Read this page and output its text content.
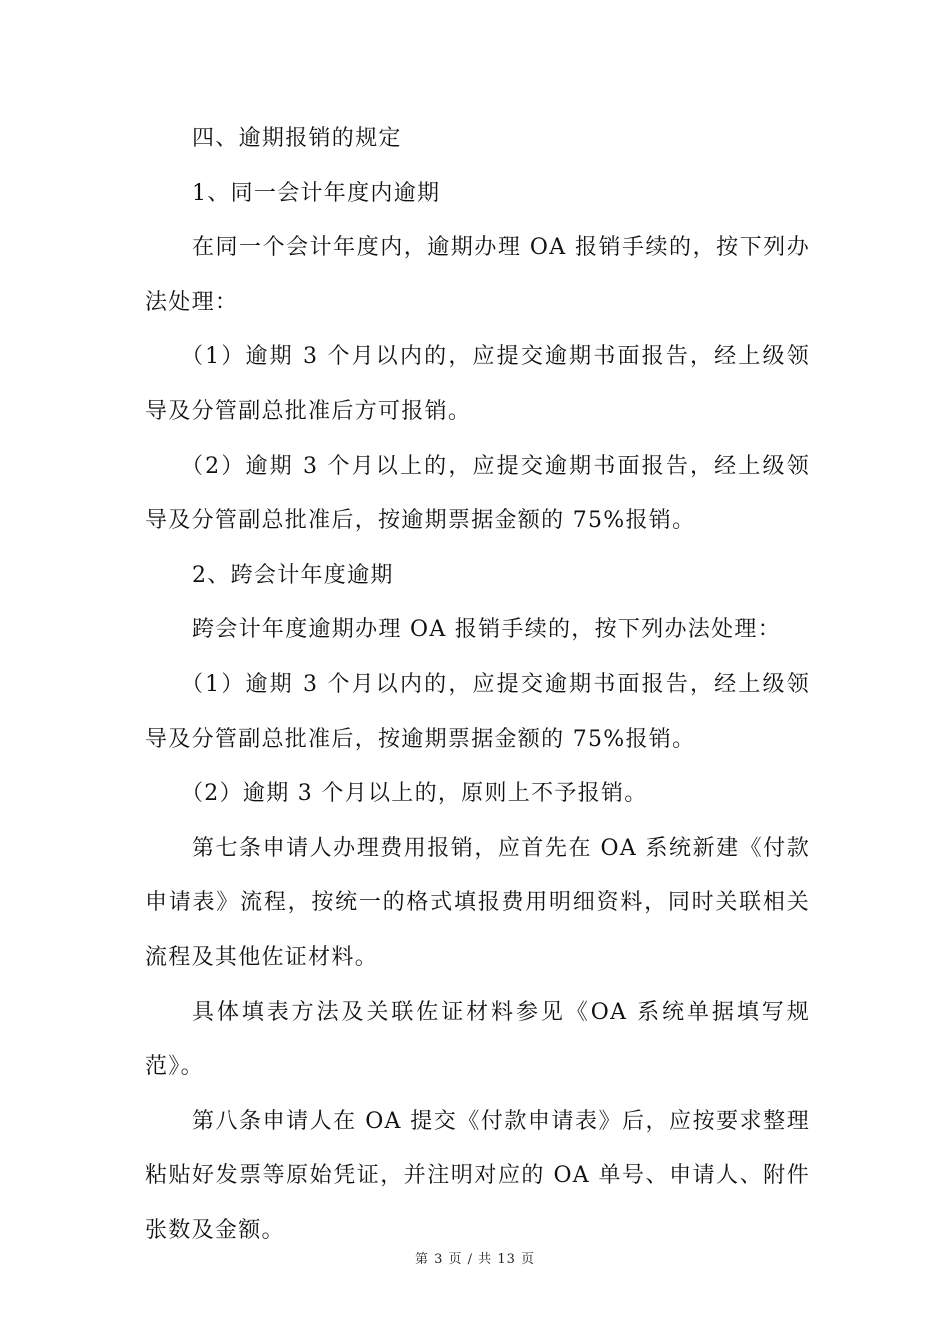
四、逾期报销的规定

1、同一会计年度内逾期

在同一个会计年度内，逾期办理 OA 报销手续的，按下列办法处理：

（1）逾期 3 个月以内的，应提交逾期书面报告，经上级领导及分管副总批准后方可报销。

（2）逾期 3 个月以上的，应提交逾期书面报告，经上级领导及分管副总批准后，按逾期票据金额的 75%报销。

2、跨会计年度逾期

跨会计年度逾期办理 OA 报销手续的，按下列办法处理：

（1）逾期 3 个月以内的，应提交逾期书面报告，经上级领导及分管副总批准后，按逾期票据金额的 75%报销。

（2）逾期 3 个月以上的，原则上不予报销。

第七条申请人办理费用报销，应首先在 OA 系统新建《付款申请表》流程，按统一的格式填报费用明细资料，同时关联相关流程及其他佐证材料。

具体填表方法及关联佐证材料参见《OA 系统单据填写规范》。

第八条申请人在 OA 提交《付款申请表》后，应按要求整理粘贴好发票等原始凭证，并注明对应的 OA 单号、申请人、附件张数及金额。

第 3 页 / 共 13 页
